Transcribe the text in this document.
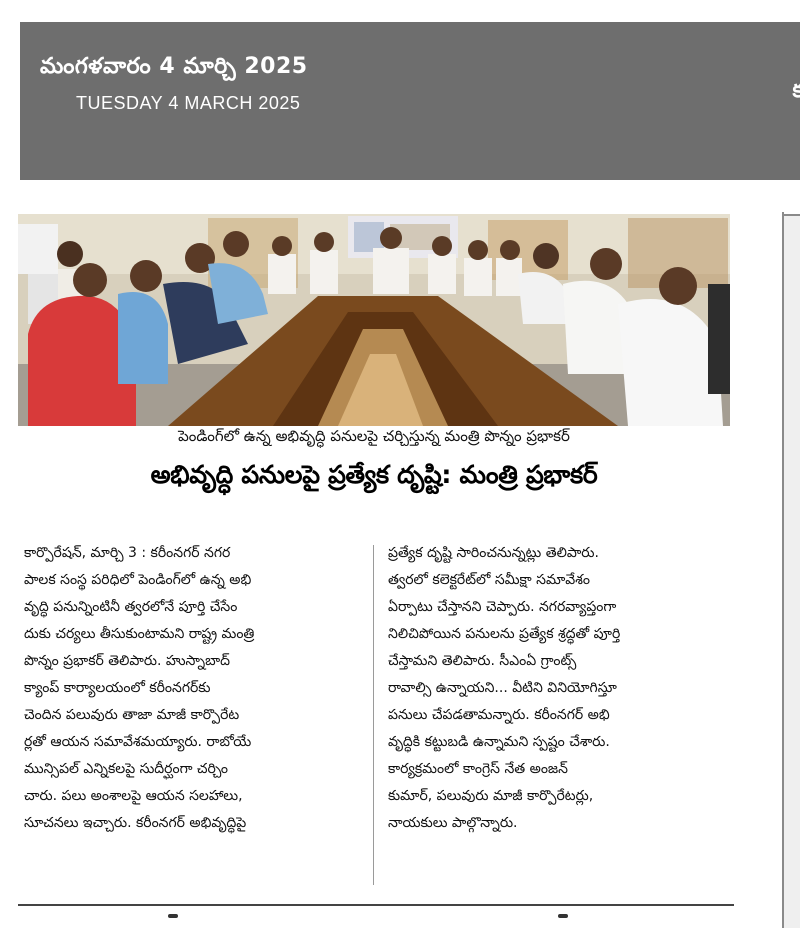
క
మంగళవారం 4 మార్చి 2025
TUESDAY 4 MARCH 2025
పెండింగ్‌లో ఉన్న అభివృద్ధి పనులపై చర్చిస్తున్న మంత్రి పొన్నం ప్రభాకర్
అభివృద్ధి పనులపై ప్రత్యేక దృష్టి: మంత్రి ప్రభాకర్
కార్పొరేషన్, మార్చి 3 : కరీంనగర్ నగర
పాలక సంస్థ పరిధిలో పెండింగ్‌లో ఉన్న అభి
వృద్ధి పనున్నింటినీ త్వరలోనే పూర్తి చేసేం
దుకు చర్యలు తీసుకుంటామని రాష్ట్ర మంత్రి
పొన్నం ప్రభాకర్ తెలిపారు. హుస్నాబాద్
క్యాంప్ కార్యాలయంలో కరీంనగర్‌కు
చెందిన పలువురు తాజా మాజీ కార్పొరేట
ర్లతో ఆయన సమావేశమయ్యారు. రాబోయే
మున్సిపల్ ఎన్నికలపై సుదీర్ఘంగా చర్చిం
చారు. పలు అంశాలపై ఆయన సలహాలు,
సూచనలు ఇచ్చారు. కరీంనగర్ అభివృద్ధిపై
ప్రత్యేక దృష్టి సారించనున్నట్లు తెలిపారు.
త్వరలో కలెక్టరేట్‌లో సమీక్షా సమావేశం
ఏర్పాటు చేస్తానని చెప్పారు. నగరవ్యాప్తంగా
నిలిచిపోయిన పనులను ప్రత్యేక శ్రద్ధతో పూర్తి
చేస్తామని తెలిపారు. సీఎంఏ గ్రాంట్స్
రావాల్సి ఉన్నాయని... వీటిని వినియోగిస్తూ
పనులు చేపడతామన్నారు. కరీంనగర్ అభి
వృద్ధికి కట్టుబడి ఉన్నామని స్పష్టం చేశారు.
కార్యక్రమంలో కాంగ్రెస్ నేత అంజన్
కుమార్, పలువురు మాజీ కార్పొరేటర్లు,
నాయకులు పాల్గొన్నారు.
